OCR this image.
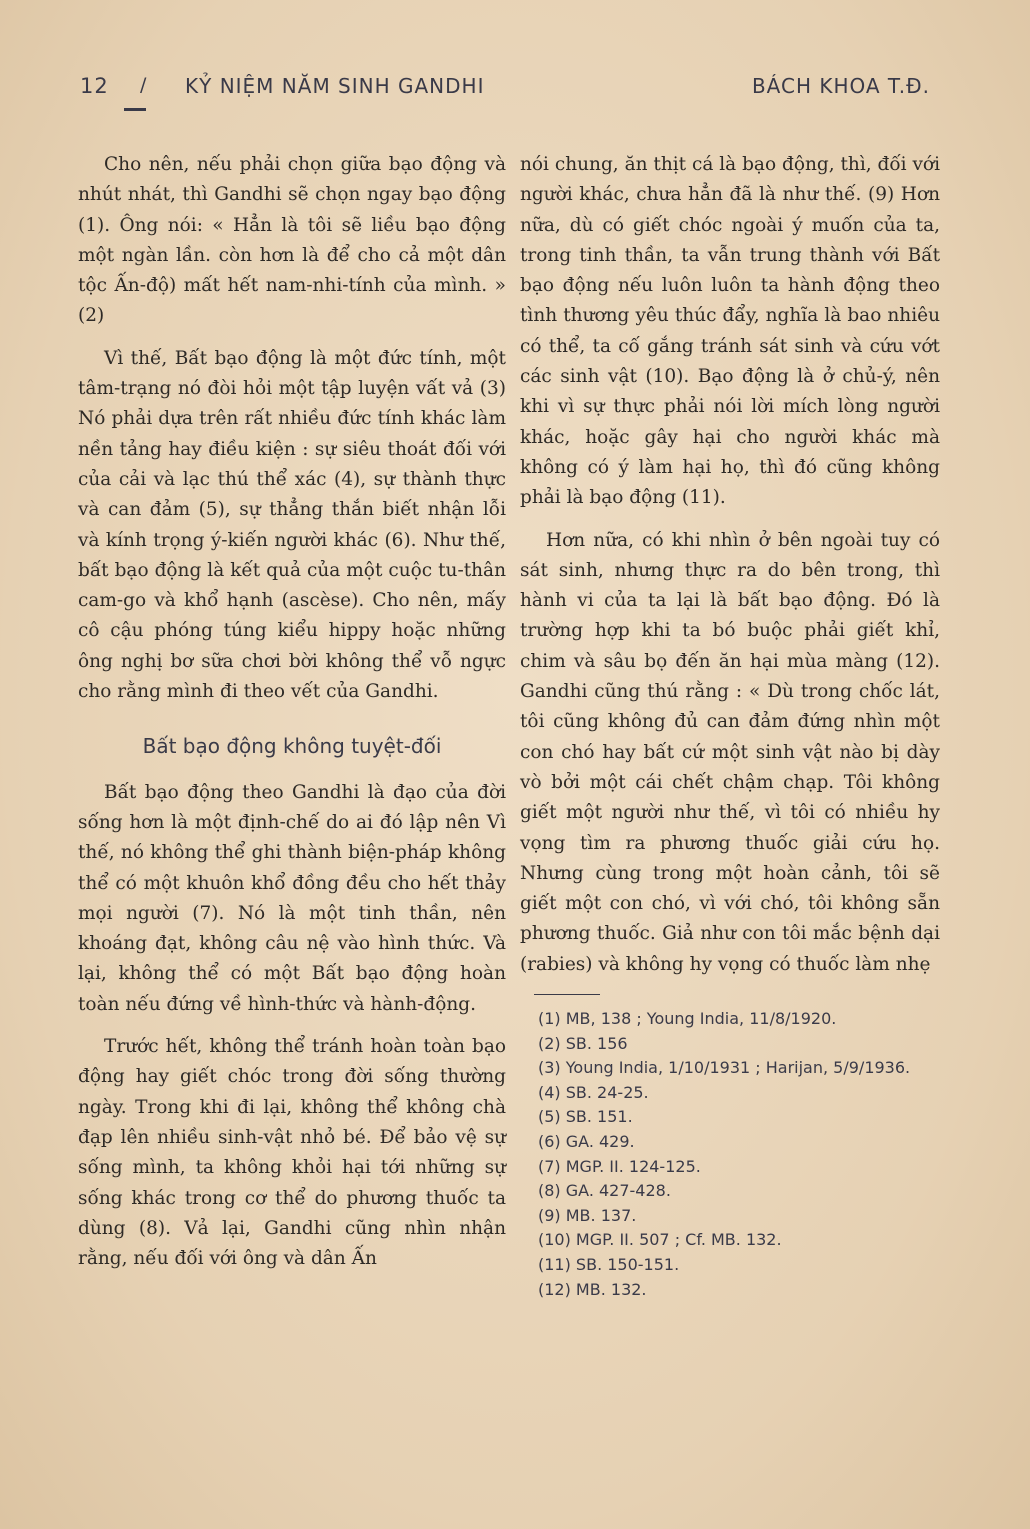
12 / KỶ NIỆM NĂM SINH GANDHI	BÁCH KHOA T.Đ.

Cho nên, nếu phải chọn giữa bạo động và nhút nhát, thì Gandhi sẽ chọn ngay bạo động (1). Ông nói: « Hẳn là tôi sẽ liều bạo động một ngàn lần. còn hơn là để cho cả một dân tộc Ấn-độ) mất hết nam-nhi-tính của mình. » (2)

Vì thế, Bất bạo động là một đức tính, một tâm-trạng nó đòi hỏi một tập luyện vất vả (3) Nó phải dựa trên rất nhiều đức tính khác làm nền tảng hay điều kiện : sự siêu thoát đối với của cải và lạc thú thể xác (4), sự thành thực và can đảm (5), sự thẳng thắn biết nhận lỗi và kính trọng ý-kiến người khác (6). Như thế, bất bạo động là kết quả của một cuộc tu-thân cam-go và khổ hạnh (ascèse). Cho nên, mấy cô cậu phóng túng kiểu hippy hoặc những ông nghị bơ sữa chơi bời không thể vỗ ngực cho rằng mình đi theo vết của Gandhi.

Bất bạo động không tuyệt-đối

Bất bạo động theo Gandhi là đạo của đời sống hơn là một định-chế do ai đó lập nên Vì thế, nó không thể ghi thành biện-pháp không thể có một khuôn khổ đồng đều cho hết thảy mọi người (7). Nó là một tinh thần, nên khoáng đạt, không câu nệ vào hình thức. Và lại, không thể có một Bất bạo động hoàn toàn nếu đứng về hình-thức và hành-động.

Trước hết, không thể tránh hoàn toàn bạo động hay giết chóc trong đời sống thường ngày. Trong khi đi lại, không thể không chà đạp lên nhiều sinh-vật nhỏ bé. Để bảo vệ sự sống mình, ta không khỏi hại tới những sự sống khác trong cơ thể do phương thuốc ta dùng (8). Vả lại, Gandhi cũng nhìn nhận rằng, nếu đối với ông và dân Ấn

nói chung, ăn thịt cá là bạo động, thì, đối với người khác, chưa hẳn đã là như thế. (9) Hơn nữa, dù có giết chóc ngoài ý muốn của ta, trong tinh thần, ta vẫn trung thành với Bất bạo động nếu luôn luôn ta hành động theo tình thương yêu thúc đẩy, nghĩa là bao nhiêu có thể, ta cố gắng tránh sát sinh và cứu vớt các sinh vật (10). Bạo động là ở chủ-ý, nên khi vì sự thực phải nói lời mích lòng người khác, hoặc gây hại cho người khác mà không có ý làm hại họ, thì đó cũng không phải là bạo động (11).

Hơn nữa, có khi nhìn ở bên ngoài tuy có sát sinh, nhưng thực ra do bên trong, thì hành vi của ta lại là bất bạo động. Đó là trường hợp khi ta bó buộc phải giết khỉ, chim và sâu bọ đến ăn hại mùa màng (12). Gandhi cũng thú rằng : « Dù trong chốc lát, tôi cũng không đủ can đảm đứng nhìn một con chó hay bất cứ một sinh vật nào bị dày vò bởi một cái chết chậm chạp. Tôi không giết một người như thế, vì tôi có nhiều hy vọng tìm ra phương thuốc giải cứu họ. Nhưng cùng trong một hoàn cảnh, tôi sẽ giết một con chó, vì với chó, tôi không sẵn phương thuốc. Giả như con tôi mắc bệnh dại (rabies) và không hy vọng có thuốc làm nhẹ

(1) MB, 138 ; Young India, 11/8/1920.
(2) SB. 156
(3) Young India, 1/10/1931 ; Harijan, 5/9/1936.
(4) SB. 24-25.
(5) SB. 151.
(6) GA. 429.
(7) MGP. II. 124-125.
(8) GA. 427-428.
(9) MB. 137.
(10) MGP. II. 507 ; Cf. MB. 132.
(11) SB. 150-151.
(12) MB. 132.
